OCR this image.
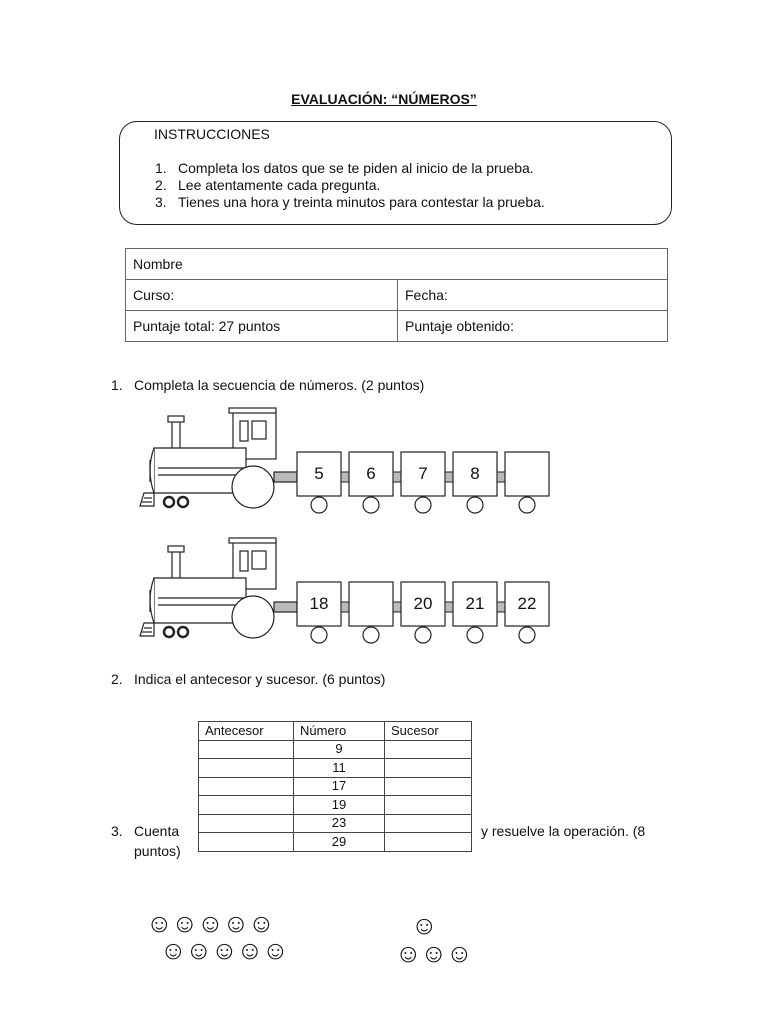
EVALUACIÓN: “NÚMEROS”
INSTRUCCIONES
1. Completa los datos que se te piden al inicio de la prueba.
2. Lee atentamente cada pregunta.
3. Tienes una hora y treinta minutos para contestar la prueba.
Nombre	
Curso:	Fecha:
Puntaje total: 27 puntos	Puntaje obtenido:
1. Completa la secuencia de números. (2 puntos)
5	6	7	8
18	20 21 22
2. Indica el antecesor y sucesor. (6 puntos)
Antecesor	Número	Sucesor
	9	
	11	
	17	
	19	
	23	
	29	
3. Cuenta	y resuelve la operación. (8
puntos)
☺☺☺☺☺
☺☺☺☺☺
☺
☺☺☺
